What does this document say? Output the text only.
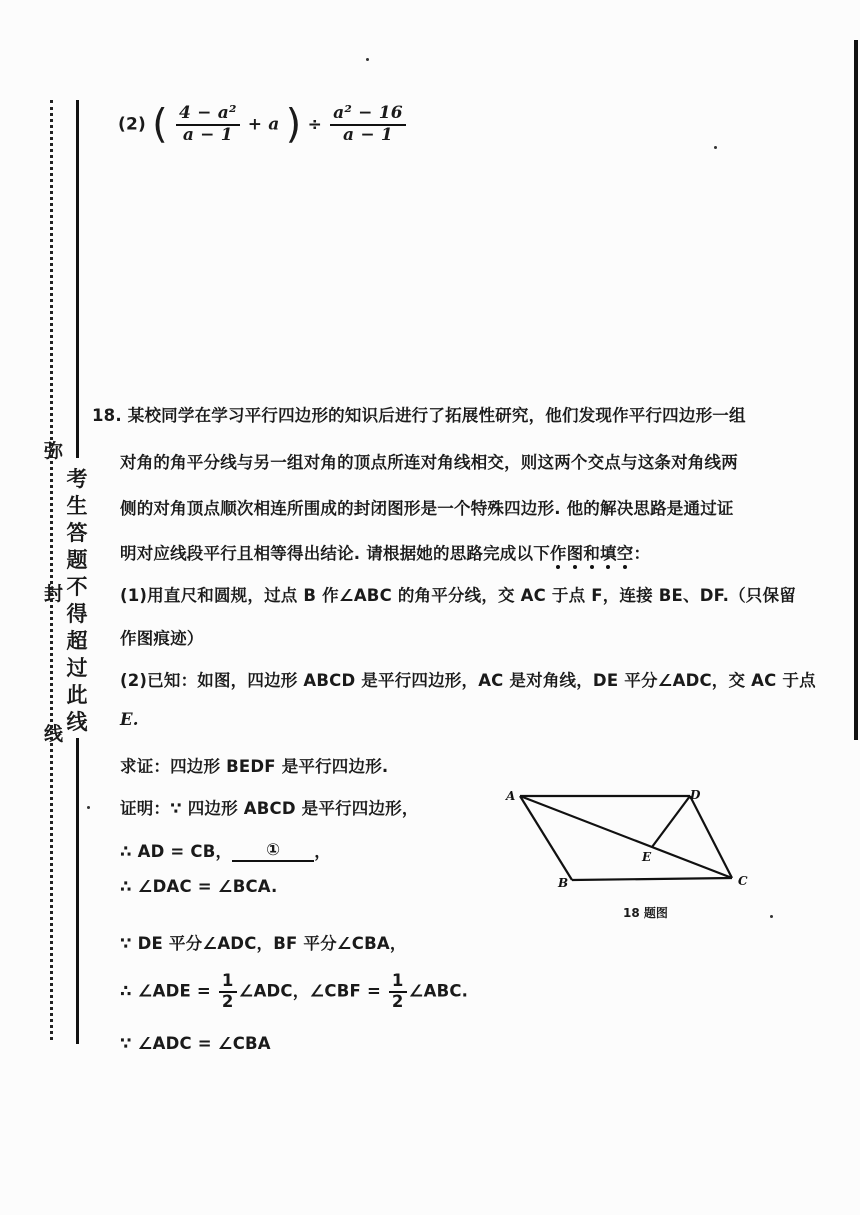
弥
封
线
考
生
答
题
不
得
超
过
此
线
(2) ( $\frac{\text{4 − a²}}{a - 1} + a$ ) ÷ $\frac{\text{a² − 16}}{a - 1}$
18. 某校同学在学习平行四边形的知识后进行了拓展性研究，他们发现作平行四边形一组
对角的角平分线与另一组对角的顶点所连对角线相交，则这两个交点与这条对角线两
侧的对角顶点顺次相连所围成的封闭图形是一个特殊四边形. 他的解决思路是通过证
明对应线段平行且相等得出结论. 请根据她的思路完成以下作图和填空：
(1)用直尺和圆规，过点 B 作∠ABC 的角平分线，交 AC 于点 F，连接 BE、DF.（只保留
作图痕迹）
(2)已知：如图，四边形 ABCD 是平行四边形，AC 是对角线，DE 平分∠ADC，交 AC 于点
E.
求证：四边形 BEDF 是平行四边形.
证明：∵ 四边形 ABCD 是平行四边形，
∴ AD = CB， ① ，
∴ ∠DAC = ∠BCA.
∵ DE 平分∠ADC，BF 平分∠CBA，
∴ ∠ADE = $\frac{1}{2}$ ∠ADC，∠CBF = $\frac{1}{2}$ ∠ABC.
∵ ∠ADC = ∠CBA
A	D
E
B	C
18 题图
